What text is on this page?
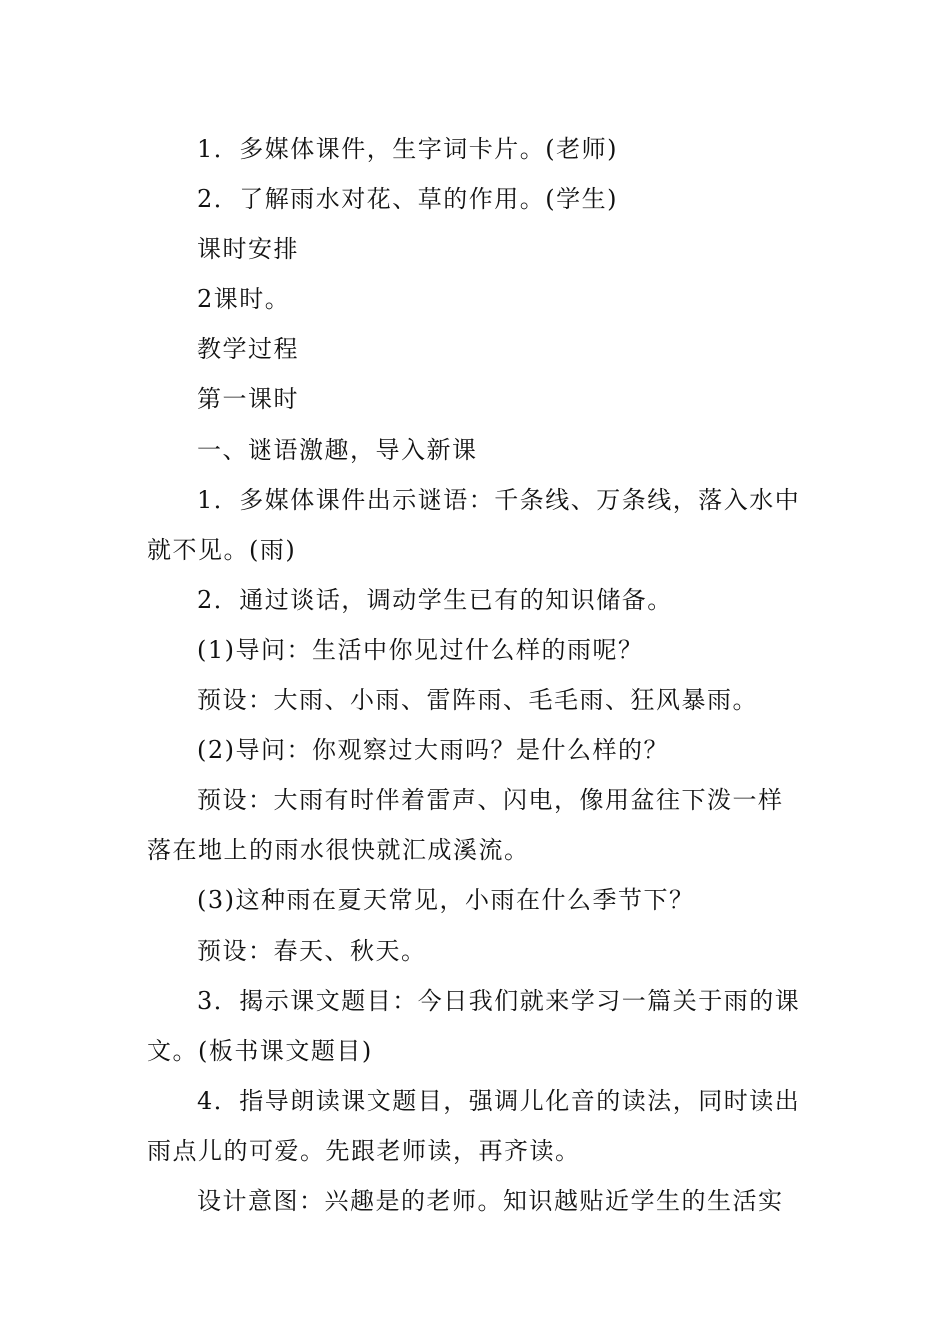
1．多媒体课件，生字词卡片。(老师)

2．了解雨水对花、草的作用。(学生)

课时安排

2课时。

教学过程

第一课时

一、谜语激趣，导入新课

1．多媒体课件出示谜语：千条线、万条线，落入水中就不见。(雨)

2．通过谈话，调动学生已有的知识储备。

(1)导问：生活中你见过什么样的雨呢？

预设：大雨、小雨、雷阵雨、毛毛雨、狂风暴雨。

(2)导问：你观察过大雨吗？是什么样的？

预设：大雨有时伴着雷声、闪电，像用盆往下泼一样落在地上的雨水很快就汇成溪流。

(3)这种雨在夏天常见，小雨在什么季节下？

预设：春天、秋天。

3．揭示课文题目：今日我们就来学习一篇关于雨的课文。(板书课文题目)

4．指导朗读课文题目，强调儿化音的读法，同时读出雨点儿的可爱。先跟老师读，再齐读。

设计意图：兴趣是的老师。知识越贴近学生的生活实
